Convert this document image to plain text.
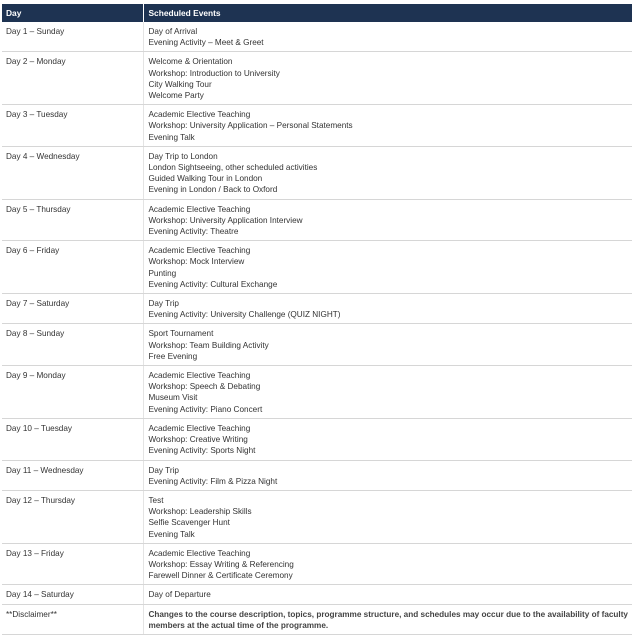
Day	Scheduled Events
Day 1 – Sunday	Day of Arrival
Evening Activity – Meet & Greet

Day 2 – Monday	Welcome & Orientation
Workshop: Introduction to University
City Walking Tour
Welcome Party

Day 3 – Tuesday	Academic Elective Teaching
Workshop: University Application – Personal Statements
Evening Talk

Day 4 – Wednesday	Day Trip to London
London Sightseeing, other scheduled activities
Guided Walking Tour in London
Evening in London / Back to Oxford

Day 5 – Thursday	Academic Elective Teaching
Workshop: University Application Interview
Evening Activity: Theatre

Day 6 – Friday	Academic Elective Teaching
Workshop: Mock Interview
Punting
Evening Activity: Cultural Exchange

Day 7 – Saturday	Day Trip
Evening Activity: University Challenge (QUIZ NIGHT)

Day 8 – Sunday	Sport Tournament
Workshop: Team Building Activity
Free Evening

Day 9 – Monday	Academic Elective Teaching
Workshop: Speech & Debating
Museum Visit
Evening Activity: Piano Concert

Day 10 – Tuesday	Academic Elective Teaching
Workshop: Creative Writing
Evening Activity: Sports Night

Day 11 – Wednesday	Day Trip
Evening Activity: Film & Pizza Night

Day 12 – Thursday	Test
Workshop: Leadership Skills
Selfie Scavenger Hunt
Evening Talk

Day 13 – Friday	Academic Elective Teaching
Workshop: Essay Writing & Referencing
Farewell Dinner & Certificate Ceremony

Day 14 – Saturday	Day of Departure

**Disclaimer**	Changes to the course description, topics, programme structure, and schedules may occur due to the availability of faculty
members at the actual time of the programme.
